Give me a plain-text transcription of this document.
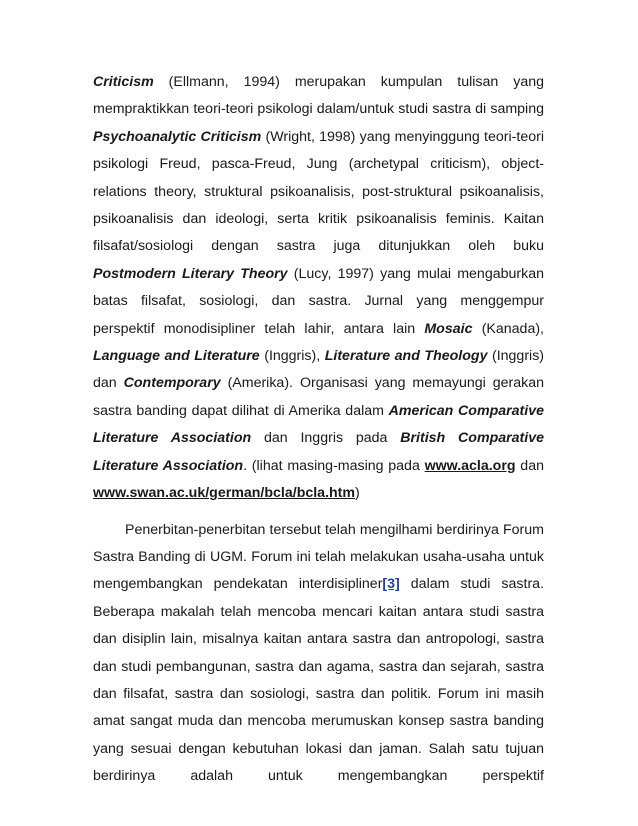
Criticism (Ellmann, 1994) merupakan kumpulan tulisan yang mempraktikkan teori-teori psikologi dalam/untuk studi sastra di samping Psychoanalytic Criticism (Wright, 1998) yang menyinggung teori-teori psikologi Freud, pasca-Freud, Jung (archetypal criticism), object-relations theory, struktural psikoanalisis, post-struktural psikoanalisis, psikoanalisis dan ideologi, serta kritik psikoanalisis feminis. Kaitan filsafat/sosiologi dengan sastra juga ditunjukkan oleh buku Postmodern Literary Theory (Lucy, 1997) yang mulai mengaburkan batas filsafat, sosiologi, dan sastra. Jurnal yang menggempur perspektif monodisipliner telah lahir, antara lain Mosaic (Kanada), Language and Literature (Inggris), Literature and Theology (Inggris) dan Contemporary (Amerika). Organisasi yang memayungi gerakan sastra banding dapat dilihat di Amerika dalam American Comparative Literature Association dan Inggris pada British Comparative Literature Association. (lihat masing-masing pada www.acla.org dan www.swan.ac.uk/german/bcla/bcla.htm)

Penerbitan-penerbitan tersebut telah mengilhami berdirinya Forum Sastra Banding di UGM. Forum ini telah melakukan usaha-usaha untuk mengembangkan pendekatan interdisipliner[3] dalam studi sastra. Beberapa makalah telah mencoba mencari kaitan antara studi sastra dan disiplin lain, misalnya kaitan antara sastra dan antropologi, sastra dan studi pembangunan, sastra dan agama, sastra dan sejarah, sastra dan filsafat, sastra dan sosiologi, sastra dan politik. Forum ini masih amat sangat muda dan mencoba merumuskan konsep sastra banding yang sesuai dengan kebutuhan lokasi dan jaman. Salah satu tujuan berdirinya adalah untuk mengembangkan perspektif
